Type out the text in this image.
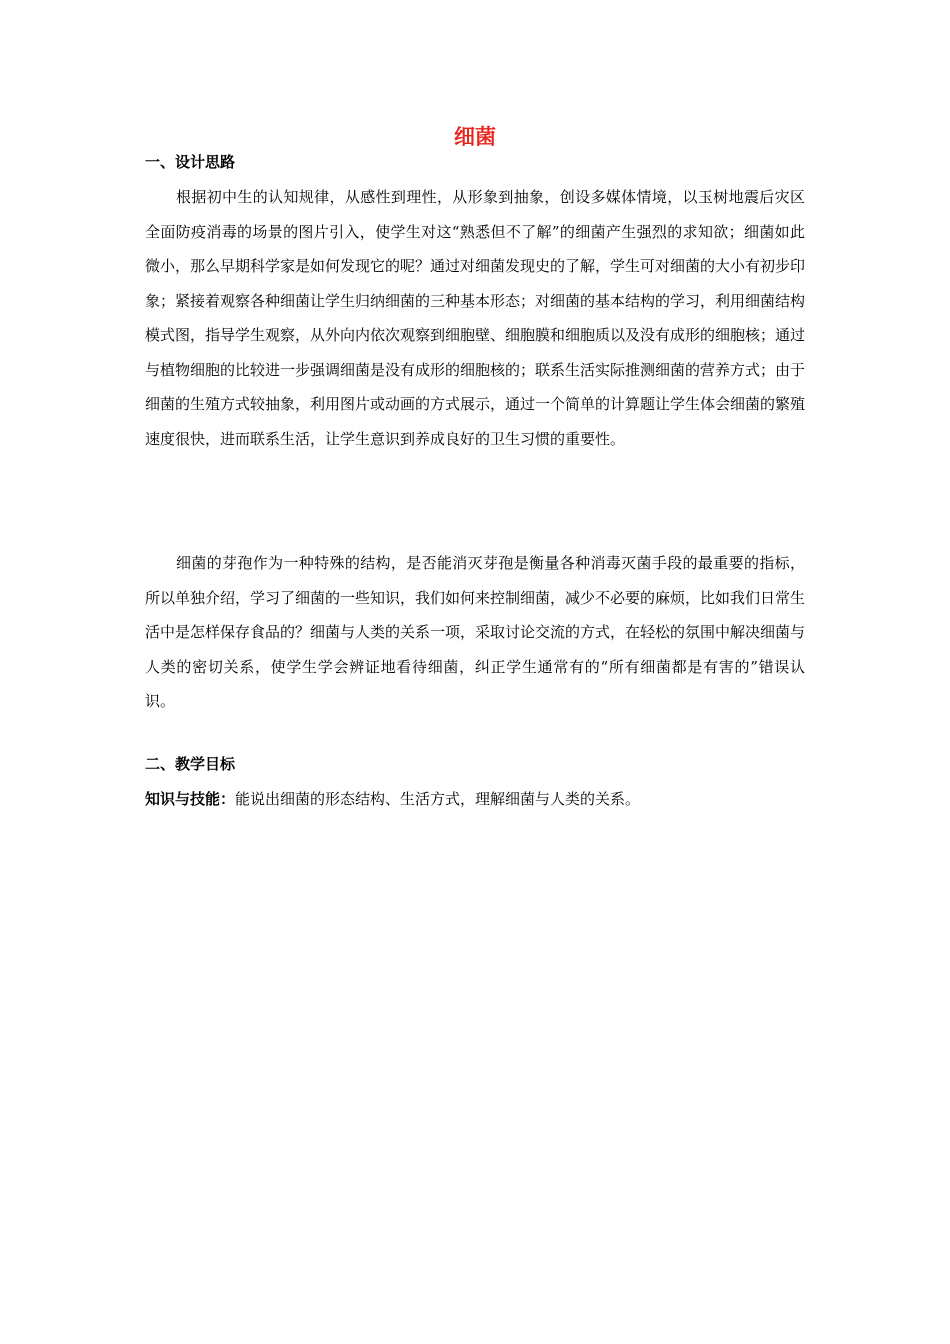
细菌
一、设计思路

根据初中生的认知规律，从感性到理性，从形象到抽象，创设多媒体情境，以玉树地震后灾区全面防疫消毒的场景的图片引入，使学生对这“熟悉但不了解”的细菌产生强烈的求知欲；细菌如此微小，那么早期科学家是如何发现它的呢？通过对细菌发现史的了解，学生可对细菌的大小有初步印象；紧接着观察各种细菌让学生归纳细菌的三种基本形态；对细菌的基本结构的学习，利用细菌结构模式图，指导学生观察，从外向内依次观察到细胞壁、细胞膜和细胞质以及没有成形的细胞核；通过与植物细胞的比较进一步强调细菌是没有成形的细胞核的；联系生活实际推测细菌的营养方式；由于细菌的生殖方式较抽象，利用图片或动画的方式展示，通过一个简单的计算题让学生体会细菌的繁殖速度很快，进而联系生活，让学生意识到养成良好的卫生习惯的重要性。

细菌的芽孢作为一种特殊的结构，是否能消灭芽孢是衡量各种消毒灭菌手段的最重要的指标，所以单独介绍，学习了细菌的一些知识，我们如何来控制细菌，减少不必要的麻烦，比如我们日常生活中是怎样保存食品的？细菌与人类的关系一项，采取讨论交流的方式，在轻松的氛围中解决细菌与人类的密切关系，使学生学会辨证地看待细菌，纠正学生通常有的“所有细菌都是有害的”错误认识。

二、教学目标

知识与技能：能说出细菌的形态结构、生活方式，理解细菌与人类的关系。
